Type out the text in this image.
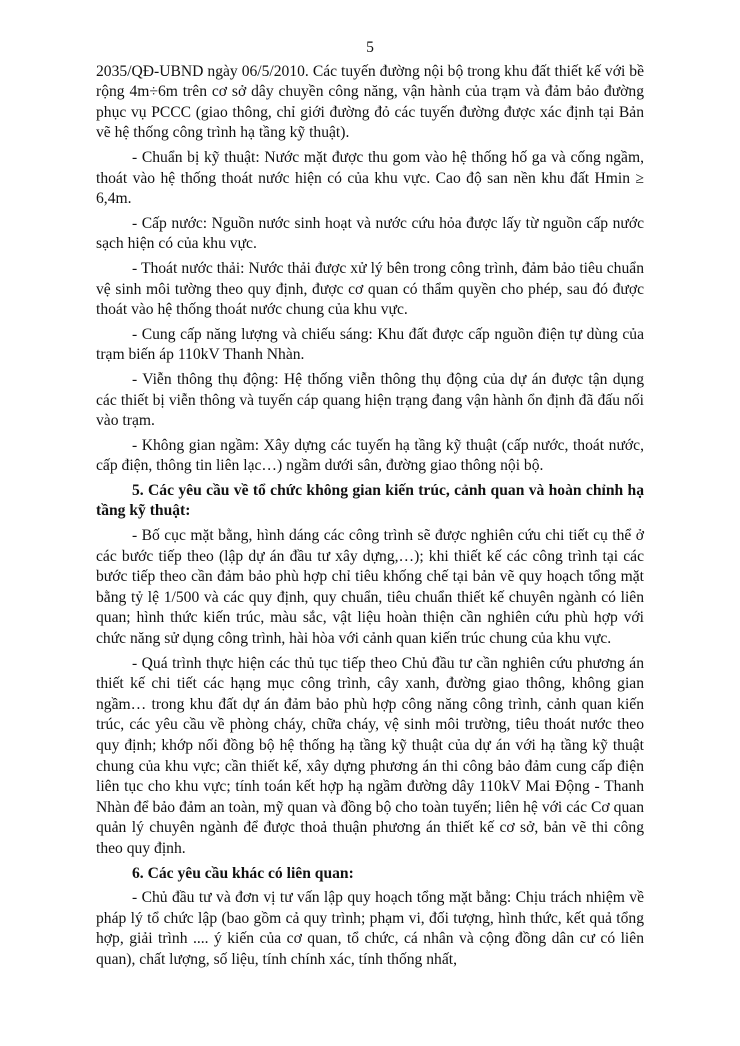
5

2035/QĐ-UBND ngày 06/5/2010. Các tuyến đường nội bộ trong khu đất thiết kế với bề rộng 4m÷6m trên cơ sở dây chuyền công năng, vận hành của trạm và đảm bảo đường phục vụ PCCC (giao thông, chỉ giới đường đỏ các tuyến đường được xác định tại Bản vẽ hệ thống công trình hạ tầng kỹ thuật).

- Chuẩn bị kỹ thuật: Nước mặt được thu gom vào hệ thống hố ga và cống ngầm, thoát vào hệ thống thoát nước hiện có của khu vực. Cao độ san nền khu đất Hmin ≥ 6,4m.

- Cấp nước: Nguồn nước sinh hoạt và nước cứu hỏa được lấy từ nguồn cấp nước sạch hiện có của khu vực.

- Thoát nước thải: Nước thải được xử lý bên trong công trình, đảm bảo tiêu chuẩn vệ sinh môi tường theo quy định, được cơ quan có thẩm quyền cho phép, sau đó được thoát vào hệ thống thoát nước chung của khu vực.

- Cung cấp năng lượng và chiếu sáng: Khu đất được cấp nguồn điện tự dùng của trạm biến áp 110kV Thanh Nhàn.

- Viễn thông thụ động: Hệ thống viễn thông thụ động của dự án được tận dụng các thiết bị viễn thông và tuyến cáp quang hiện trạng đang vận hành ổn định đã đấu nối vào trạm.

- Không gian ngầm: Xây dựng các tuyến hạ tầng kỹ thuật (cấp nước, thoát nước, cấp điện, thông tin liên lạc…) ngầm dưới sân, đường giao thông nội bộ.

5. Các yêu cầu về tổ chức không gian kiến trúc, cảnh quan và hoàn chỉnh hạ tầng kỹ thuật:

- Bố cục mặt bằng, hình dáng các công trình sẽ được nghiên cứu chi tiết cụ thể ở các bước tiếp theo (lập dự án đầu tư xây dựng,…); khi thiết kế các công trình tại các bước tiếp theo cần đảm bảo phù hợp chỉ tiêu khống chế tại bản vẽ quy hoạch tổng mặt bằng tỷ lệ 1/500 và các quy định, quy chuẩn, tiêu chuẩn thiết kế chuyên ngành có liên quan; hình thức kiến trúc, màu sắc, vật liệu hoàn thiện cần nghiên cứu phù hợp với chức năng sử dụng công trình, hài hòa với cảnh quan kiến trúc chung của khu vực.

- Quá trình thực hiện các thủ tục tiếp theo Chủ đầu tư cần nghiên cứu phương án thiết kế chi tiết các hạng mục công trình, cây xanh, đường giao thông, không gian ngầm… trong khu đất dự án đảm bảo phù hợp công năng công trình, cảnh quan kiến trúc, các yêu cầu về phòng cháy, chữa cháy, vệ sinh môi trường, tiêu thoát nước theo quy định; khớp nối đồng bộ hệ thống hạ tầng kỹ thuật của dự án với hạ tầng kỹ thuật chung của khu vực; cần thiết kế, xây dựng phương án thi công bảo đảm cung cấp điện liên tục cho khu vực; tính toán kết hợp hạ ngầm đường dây 110kV Mai Động - Thanh Nhàn để bảo đảm an toàn, mỹ quan và đồng bộ cho toàn tuyến; liên hệ với các Cơ quan quản lý chuyên ngành để được thoả thuận phương án thiết kế cơ sở, bản vẽ thi công theo quy định.

6. Các yêu cầu khác có liên quan:

- Chủ đầu tư và đơn vị tư vấn lập quy hoạch tổng mặt bằng: Chịu trách nhiệm về pháp lý tổ chức lập (bao gồm cả quy trình; phạm vi, đối tượng, hình thức, kết quả tổng hợp, giải trình .... ý kiến của cơ quan, tổ chức, cá nhân và cộng đồng dân cư có liên quan), chất lượng, số liệu, tính chính xác, tính thống nhất,
